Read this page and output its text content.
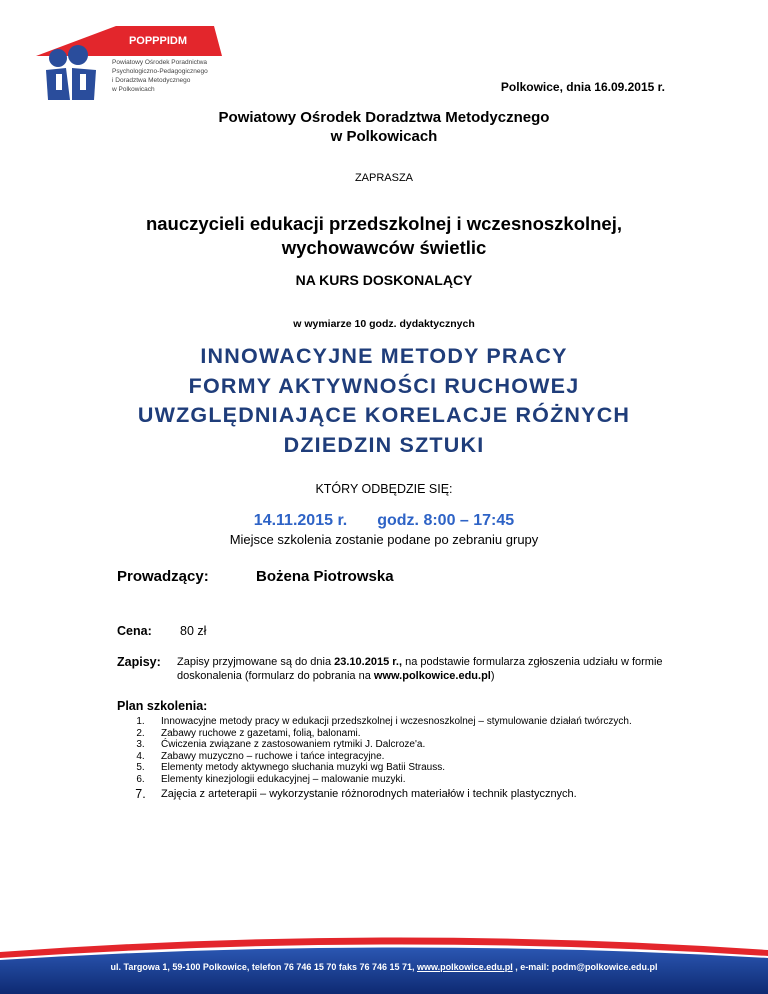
POPPPIDM
Powiatowy Ośrodek Poradnictwa
Psychologiczno-Pedagogicznego
i Doradztwa Metodycznego
w Polkowicach	Polkowice, dnia 16.09.2015 r.
Powiatowy Ośrodek Doradztwa Metodycznego
w Polkowicach
ZAPRASZA
nauczycieli edukacji przedszkolnej i wczesnoszkolnej,
wychowawców świetlic
NA KURS DOSKONALĄCY
w wymiarze 10 godz. dydaktycznych
INNOWACYJNE METODY PRACY
FORMY AKTYWNOŚCI RUCHOWEJ
UWZGLĘDNIAJĄCE KORELACJE RÓŻNYCH
DZIEDZIN SZTUKI
KTÓRY ODBĘDZIE SIĘ:
14.11.2015 r. godz. 8:00 – 17:45
Miejsce szkolenia zostanie podane po zebraniu grupy
Prowadzący:	Bożena Piotrowska
Cena: 80 zł
Zapisy: Zapisy przyjmowane są do dnia 23.10.2015 r., na podstawie formularza zgłoszenia udziału w formie doskonalenia (formularz do pobrania na www.polkowice.edu.pl)
Plan szkolenia:
1.	Innowacyjne metody pracy w edukacji przedszkolnej i wczesnoszkolnej – stymulowanie działań twórczych.
2.	Zabawy ruchowe z gazetami, folią, balonami.
3.	Ćwiczenia związane z zastosowaniem rytmiki J. Dalcroze'a.
4.	Zabawy muzyczno – ruchowe i tańce integracyjne.
5.	Elementy metody aktywnego słuchania muzyki wg Batii Strauss.
6.	Elementy kinezjologii edukacyjnej – malowanie muzyki.
7.	Zajęcia z arteterapii – wykorzystanie różnorodnych materiałów i technik plastycznych.
ul. Targowa 1, 59-100 Polkowice, telefon 76 746 15 70 faks 76 746 15 71, www.polkowice.edu.pl , e-mail: podm@polkowice.edu.pl
